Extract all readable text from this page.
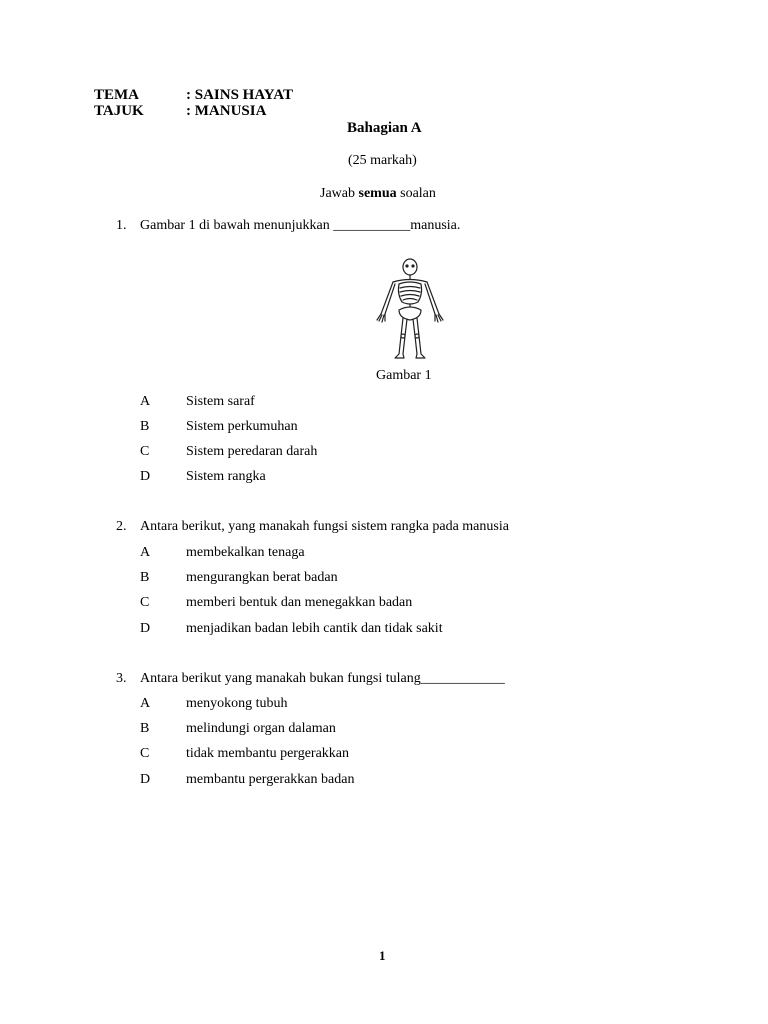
TEMA	: SAINS HAYAT
TAJUK	: MANUSIA
Bahagian A
(25 markah)
Jawab semua soalan
1. Gambar 1 di bawah menunjukkan ___________manusia.
Gambar 1
A	Sistem saraf
B	Sistem perkumuhan
C	Sistem peredaran darah
D	Sistem rangka
2. Antara berikut, yang manakah fungsi sistem rangka pada manusia
A	membekalkan tenaga
B	mengurangkan berat badan
C	memberi bentuk dan menegakkan badan
D	menjadikan badan lebih cantik dan tidak sakit
3. Antara berikut yang manakah bukan fungsi tulang____________
A	menyokong tubuh
B	melindungi organ dalaman
C	tidak membantu pergerakkan
D	membantu pergerakkan badan
1
